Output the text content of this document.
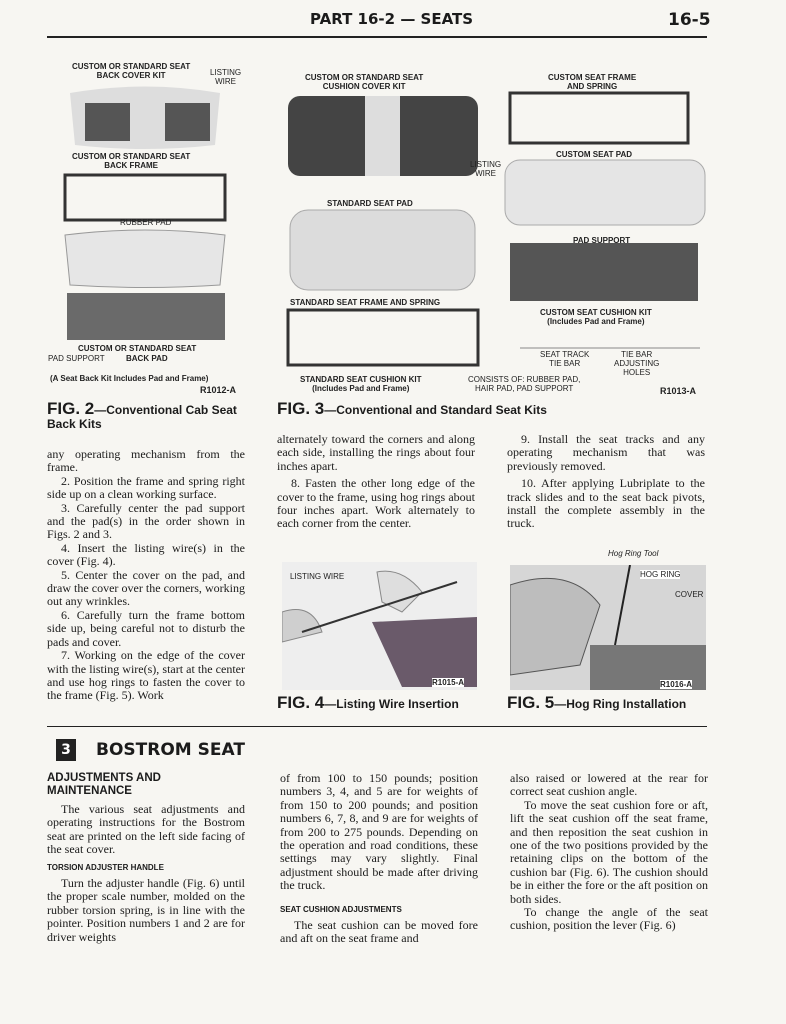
PART 16-2 — SEATS	16-5
CUSTOM OR STANDARD SEAT
BACK COVER KIT	LISTING
WIRE
CUSTOM OR STANDARD SEAT
BACK FRAME
RUBBER PAD
CUSTOM OR STANDARD SEAT
PAD SUPPORT	BACK PAD
(A Seat Back Kit Includes Pad and Frame)
R1012-A
FIG. 2—Conventional Cab Seat Back Kits
CUSTOM OR STANDARD SEAT
CUSHION COVER KIT
CUSTOM SEAT FRAME
AND SPRING
CUSTOM SEAT PAD
LISTING
WIRE
STANDARD SEAT PAD
PAD SUPPORT
STANDARD SEAT FRAME AND SPRING
CUSTOM SEAT CUSHION KIT
(Includes Pad and Frame)
SEAT TRACK
TIE BAR
TIE BAR
ADJUSTING
HOLES
STANDARD SEAT CUSHION KIT
(Includes Pad and Frame)
CONSISTS OF: RUBBER PAD,
HAIR PAD, PAD SUPPORT	R1013-A
FIG. 3—Conventional and Standard Seat Kits

any operating mechanism from the frame.

2. Position the frame and spring right side up on a clean working surface.

3. Carefully center the pad support and the pad(s) in the order shown in Figs. 2 and 3.

4. Insert the listing wire(s) in the cover (Fig. 4).

5. Center the cover on the pad, and draw the cover over the corners, working out any wrinkles.

6. Carefully turn the frame bottom side up, being careful not to disturb the pads and cover.

7. Working on the edge of the cover with the listing wire(s), start at the center and use hog rings to fasten the cover to the frame (Fig. 5). Work

alternately toward the corners and along each side, installing the rings about four inches apart.

8. Fasten the other long edge of the cover to the frame, using hog rings about four inches apart. Work alternately to each corner from the center.

9. Install the seat tracks and any operating mechanism that was previously removed.

10. After applying Lubriplate to the track slides and to the seat back pivots, install the complete assembly in the truck.

LISTING WIRE
R1015-A
FIG. 4—Listing Wire Insertion
Hog Ring Tool
HOG RING
COVER
R1016-A
FIG. 5—Hog Ring Installation
3	BOSTROM SEAT
ADJUSTMENTS AND MAINTENANCE

The various seat adjustments and operating instructions for the Bostrom seat are printed on the left side facing of the seat cover.

TORSION ADJUSTER HANDLE

Turn the adjuster handle (Fig. 6) until the proper scale number, molded on the rubber torsion spring, is in line with the pointer. Position numbers 1 and 2 are for driver weights

of from 100 to 150 pounds; position numbers 3, 4, and 5 are for weights of from 150 to 200 pounds; and position numbers 6, 7, 8, and 9 are for weights of from 200 to 275 pounds. Depending on the operation and road conditions, these settings may vary slightly. Final adjustment should be made after driving the truck.

SEAT CUSHION ADJUSTMENTS

The seat cushion can be moved fore and aft on the seat frame and

also raised or lowered at the rear for correct seat cushion angle.

To move the seat cushion fore or aft, lift the seat cushion off the seat frame, and then reposition the seat cushion in one of the two positions provided by the retaining clips on the bottom of the cushion bar (Fig. 6). The cushion should be in either the fore or the aft position on both sides.

To change the angle of the seat cushion, position the lever (Fig. 6)
